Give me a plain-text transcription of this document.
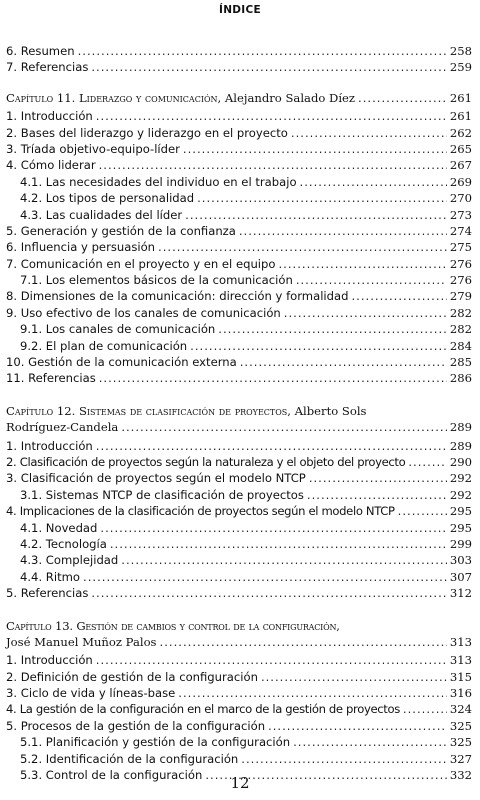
ÍNDICE
6. Resumen .....	258
7. Referencias .....	259
Capítulo 11. Liderazgo y comunicación, Alejandro Salado Díez .....	261
1. Introducción .....	261
2. Bases del liderazgo y liderazgo en el proyecto .....	262
3. Tríada objetivo-equipo-líder .....	265
4. Cómo liderar .....	267
4.1. Las necesidades del individuo en el trabajo .....	269
4.2. Los tipos de personalidad .....	270
4.3. Las cualidades del líder .....	273
5. Generación y gestión de la confianza .....	274
6. Influencia y persuasión .....	275
7. Comunicación en el proyecto y en el equipo .....	276
7.1. Los elementos básicos de la comunicación .....	276
8. Dimensiones de la comunicación: dirección y formalidad .....	279
9. Uso efectivo de los canales de comunicación .....	282
9.1. Los canales de comunicación .....	282
9.2. El plan de comunicación .....	284
10. Gestión de la comunicación externa .....	285
11. Referencias .....	286
Capítulo 12. Sistemas de clasificación de proyectos, Alberto Sols
Rodríguez-Candela .....	289
1. Introducción .....	289
2. Clasificación de proyectos según la naturaleza y el objeto del proyecto .....	290
3. Clasificación de proyectos según el modelo NTCP .....	292
3.1. Sistemas NTCP de clasificación de proyectos .....	292
4. Implicaciones de la clasificación de proyectos según el modelo NTCP .....	295
4.1. Novedad .....	295
4.2. Tecnología .....	299
4.3. Complejidad .....	303
4.4. Ritmo .....	307
5. Referencias .....	312
Capítulo 13. Gestión de cambios y control de la configuración,
José Manuel Muñoz Palos .....	313
1. Introducción .....	313
2. Definición de gestión de la configuración .....	315
3. Ciclo de vida y líneas-base .....	316
4. La gestión de la configuración en el marco de la gestión de proyectos .....	324
5. Procesos de la gestión de la configuración .....	325
5.1. Planificación y gestión de la configuración .....	325
5.2. Identificación de la configuración .....	327
5.3. Control de la configuración .....	332
12
